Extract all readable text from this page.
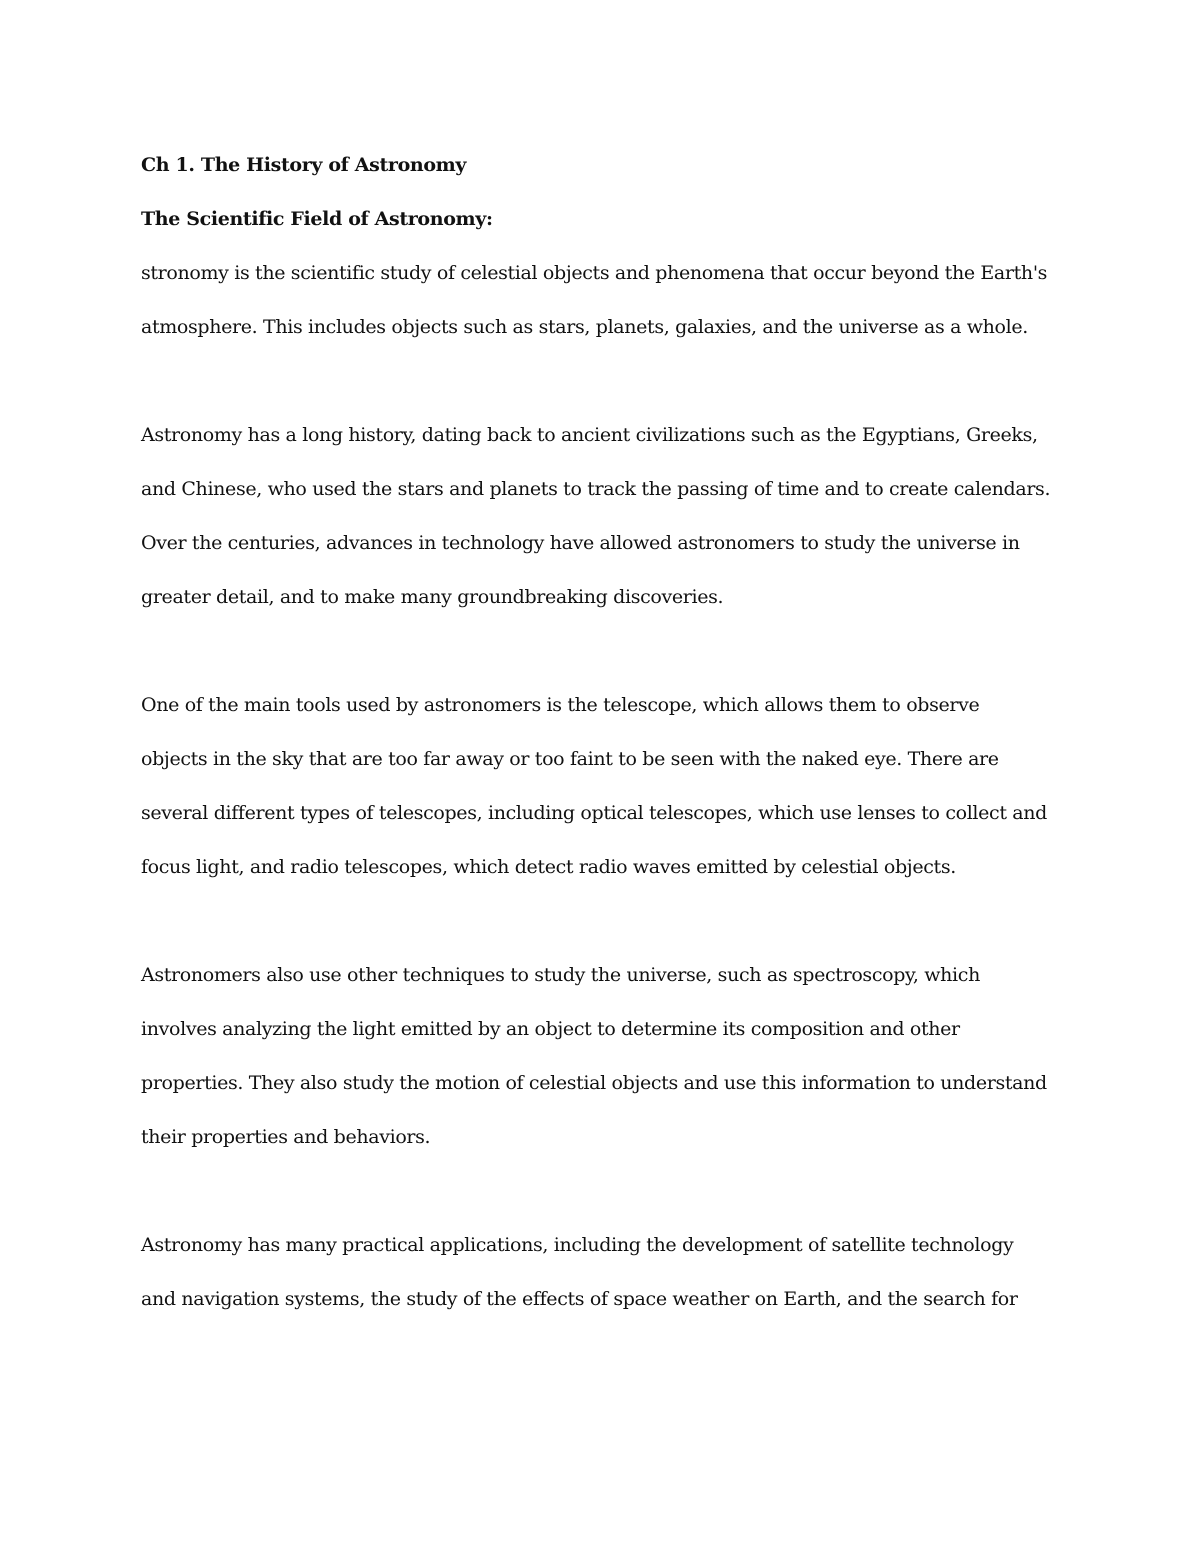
Ch 1. The History of Astronomy

The Scientific Field of Astronomy:

stronomy is the scientific study of celestial objects and phenomena that occur beyond the Earth's

atmosphere. This includes objects such as stars, planets, galaxies, and the universe as a whole.

Astronomy has a long history, dating back to ancient civilizations such as the Egyptians, Greeks,

and Chinese, who used the stars and planets to track the passing of time and to create calendars.

Over the centuries, advances in technology have allowed astronomers to study the universe in

greater detail, and to make many groundbreaking discoveries.

One of the main tools used by astronomers is the telescope, which allows them to observe

objects in the sky that are too far away or too faint to be seen with the naked eye. There are

several different types of telescopes, including optical telescopes, which use lenses to collect and

focus light, and radio telescopes, which detect radio waves emitted by celestial objects.

Astronomers also use other techniques to study the universe, such as spectroscopy, which

involves analyzing the light emitted by an object to determine its composition and other

properties. They also study the motion of celestial objects and use this information to understand

their properties and behaviors.

Astronomy has many practical applications, including the development of satellite technology

and navigation systems, the study of the effects of space weather on Earth, and the search for
